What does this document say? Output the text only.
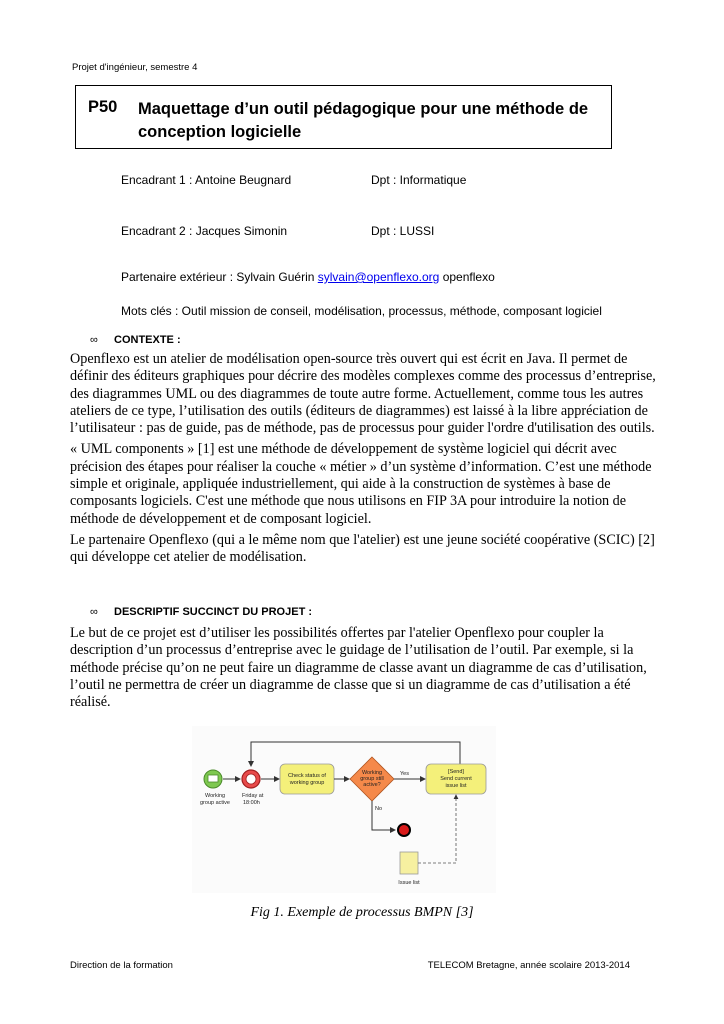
Projet d'ingénieur, semestre 4
P50 Maquettage d’un outil pédagogique pour une méthode de conception logicielle
Encadrant 1 : Antoine Beugnard	Dpt : Informatique
Encadrant 2 : Jacques Simonin	Dpt : LUSSI
Partenaire extérieur : Sylvain Guérin sylvain@openflexo.org openflexo
Mots clés : Outil mission de conseil, modélisation, processus, méthode, composant logiciel
∞ CONTEXTE :

Openflexo est un atelier de modélisation open-source très ouvert qui est écrit en Java. Il permet de définir des éditeurs graphiques pour décrire des modèles complexes comme des processus d’entreprise, des diagrammes UML ou des diagrammes de toute autre forme. Actuellement, comme tous les autres ateliers de ce type, l’utilisation des outils (éditeurs de diagrammes) est laissé à la libre appréciation de l’utilisateur : pas de guide, pas de méthode, pas de processus pour guider l'ordre d'utilisation des outils.

« UML components » [1] est une méthode de développement de système logiciel qui décrit avec précision des étapes pour réaliser la couche « métier » d’un système d’information. C’est une méthode simple et originale, appliquée industriellement, qui aide à la construction de systèmes à base de composants logiciels. C'est une méthode que nous utilisons en FIP 3A pour introduire la notion de méthode de développement et de composant logiciel.

Le partenaire Openflexo (qui a le même nom que l'atelier) est une jeune société coopérative (SCIC) [2] qui développe cet atelier de modélisation.

∞ DESCRIPTIF SUCCINCT DU PROJET :

Le but de ce projet est d’utiliser les possibilités offertes par l'atelier Openflexo pour coupler la description d’un processus d’entreprise avec le guidage de l’utilisation de l’outil. Par exemple, si la méthode précise qu’on ne peut faire un diagramme de classe avant un diagramme de cas d’utilisation, l’outil ne permettra de créer un diagramme de classe que si un diagramme de cas d’utilisation a été réalisé.

Working
group active
Friday at
18:00h
Check status of
working group
Working
group still
active?
Yes
No
[Send]
Send current
issue list
Issue list
Fig 1. Exemple de processus BMPN [3]
Direction de la formation	TELECOM Bretagne, année scolaire 2013-2014
